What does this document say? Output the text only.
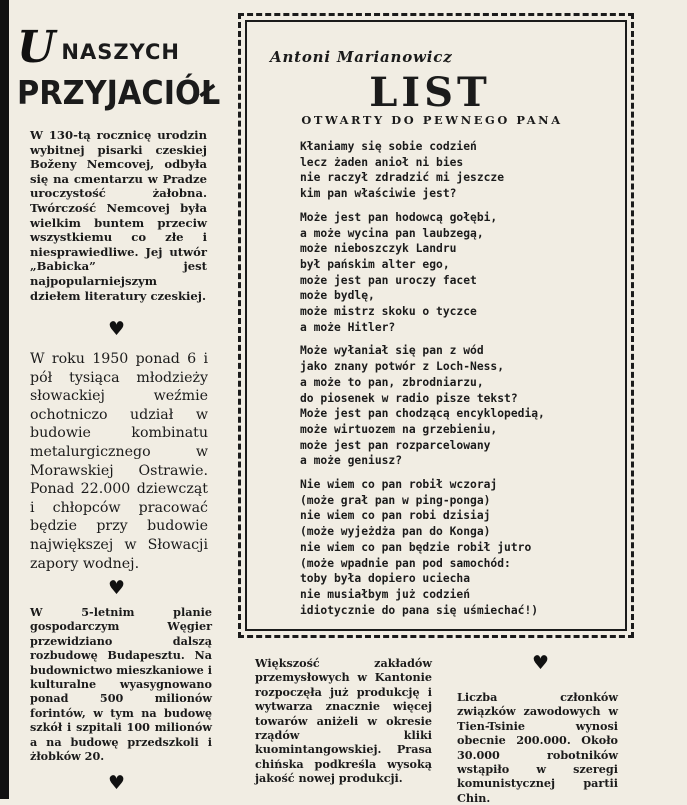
U NASZYCH
PRZYJACIÓŁ
W 130-tą rocznicę urodzin wybitnej pisarki czeskiej Boženy Nemcovej, odbyła się na cmentarzu w Pradze uroczystość żałobna. Twórczość Nemcovej była wielkim buntem przeciw wszystkiemu co złe i niesprawiedliwe. Jej utwór „Babicka” jest najpopularniejszym dziełem literatury czeskiej.
♥
W roku 1950 ponad 6 i pół tysiąca młodzieży słowackiej weźmie ochotniczo udział w budowie kombinatu metalurgicznego w Morawskiej Ostrawie. Ponad 22.000 dziewcząt i chłopców pracować będzie przy budowie największej w Słowacji zapory wodnej.
♥
W 5-letnim planie gospodarczym Węgier przewidziano dalszą rozbudowę Budapesztu. Na budownictwo mieszkaniowe i kulturalne wyasygnowano ponad 500 milionów forintów, w tym na budowę szkół i szpitali 100 milionów a na budowę przedszkoli i żłobków 20.
♥
Antoni Marianowicz
LIST
OTWARTY DO PEWNEGO PANA
Kłaniamy się sobie codzień
lecz żaden anioł ni bies
nie raczył zdradzić mi jeszcze
kim pan właściwie jest?
Może jest pan hodowcą gołębi,
a może wycina pan laubzegą,
może nieboszczyk Landru
był pańskim alter ego,
może jest pan uroczy facet
może bydlę,
może mistrz skoku o tyczce
a może Hitler?
Może wyłaniał się pan z wód
jako znany potwór z Loch-Ness,
a może to pan, zbrodniarzu,
do piosenek w radio pisze tekst?
Może jest pan chodzącą encyklopedią,
może wirtuozem na grzebieniu,
może jest pan rozparcelowany
a może geniusz?
Nie wiem co pan robił wczoraj
(może grał pan w ping-ponga)
nie wiem co pan robi dzisiaj
(może wyjeżdża pan do Konga)
nie wiem co pan będzie robił jutro
(może wpadnie pan pod samochód:
toby była dopiero uciecha
nie musiałbym już codzień
idiotycznie do pana się uśmiechać!)
Większość zakładów przemysłowych w Kantonie rozpoczęła już produkcję i wytwarza znacznie więcej towarów aniżeli w okresie rządów kliki kuomintangowskiej. Prasa chińska podkreśla wysoką jakość nowej produkcji.
♥
Liczba członków związków zawodowych w Tien-Tsinie wynosi obecnie 200.000. Około 30.000 robotników wstąpiło w szeregi komunistycznej partii Chin.
